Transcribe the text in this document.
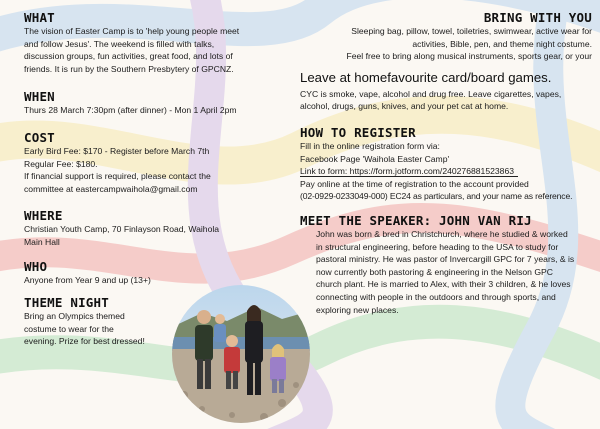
WHAT

The vision of Easter Camp is to 'help young people meet

and follow Jesus'. The weekend is filled with talks,

discussion groups, fun activities, great food, and lots of

friends. It is run by the Southern Presbytery of GPCNZ.

WHEN

Thurs 28 March 7:30pm (after dinner) - Mon 1 April 2pm

COST

Early Bird Fee: $170 - Register before March 7th

Regular Fee: $180.

If financial support is required, please contact the

committee at eastercampwaihola@gmail.com

WHERE

Christian Youth Camp, 70 Finlayson Road, Waihola

Main Hall

WHO

Anyone from Year 9 and up (13+)

THEME NIGHT

Bring an Olympics themed

costume to wear for the

evening. Prize for best dressed!

BRING WITH YOU

Sleeping bag, pillow, towel, toiletries, swimwear, active wear for

activities, Bible, pen, and theme night costume.

Feel free to bring along musical instruments, sports gear, or your

Leave at homefavourite card/board games.

CYC is smoke, vape, alcohol and drug free. Leave cigarettes, vapes,

alcohol, drugs, guns, knives, and your pet cat at home.

HOW TO REGISTER

Fill in the online registration form via:

Facebook Page 'Waihola Easter Camp'

Link to form: https://form.jotform.com/240276881523863

Pay online at the time of registration to the account provided

(02-0929-0233049-000) EC24 as particulars, and your name as reference.

MEET THE SPEAKER: JOHN VAN RIJ

John was born & bred in Christchurch, where he studied & worked

in structural engineering, before heading to the USA to study for

pastoral ministry. He was pastor of Invercargill GPC for 7 years, & is

now currently both pastoring & engineering in the Nelson GPC

church plant. He is married to Alex, with their 3 children, & he loves

connecting with people in the outdoors and through sports, and

exploring new places.
